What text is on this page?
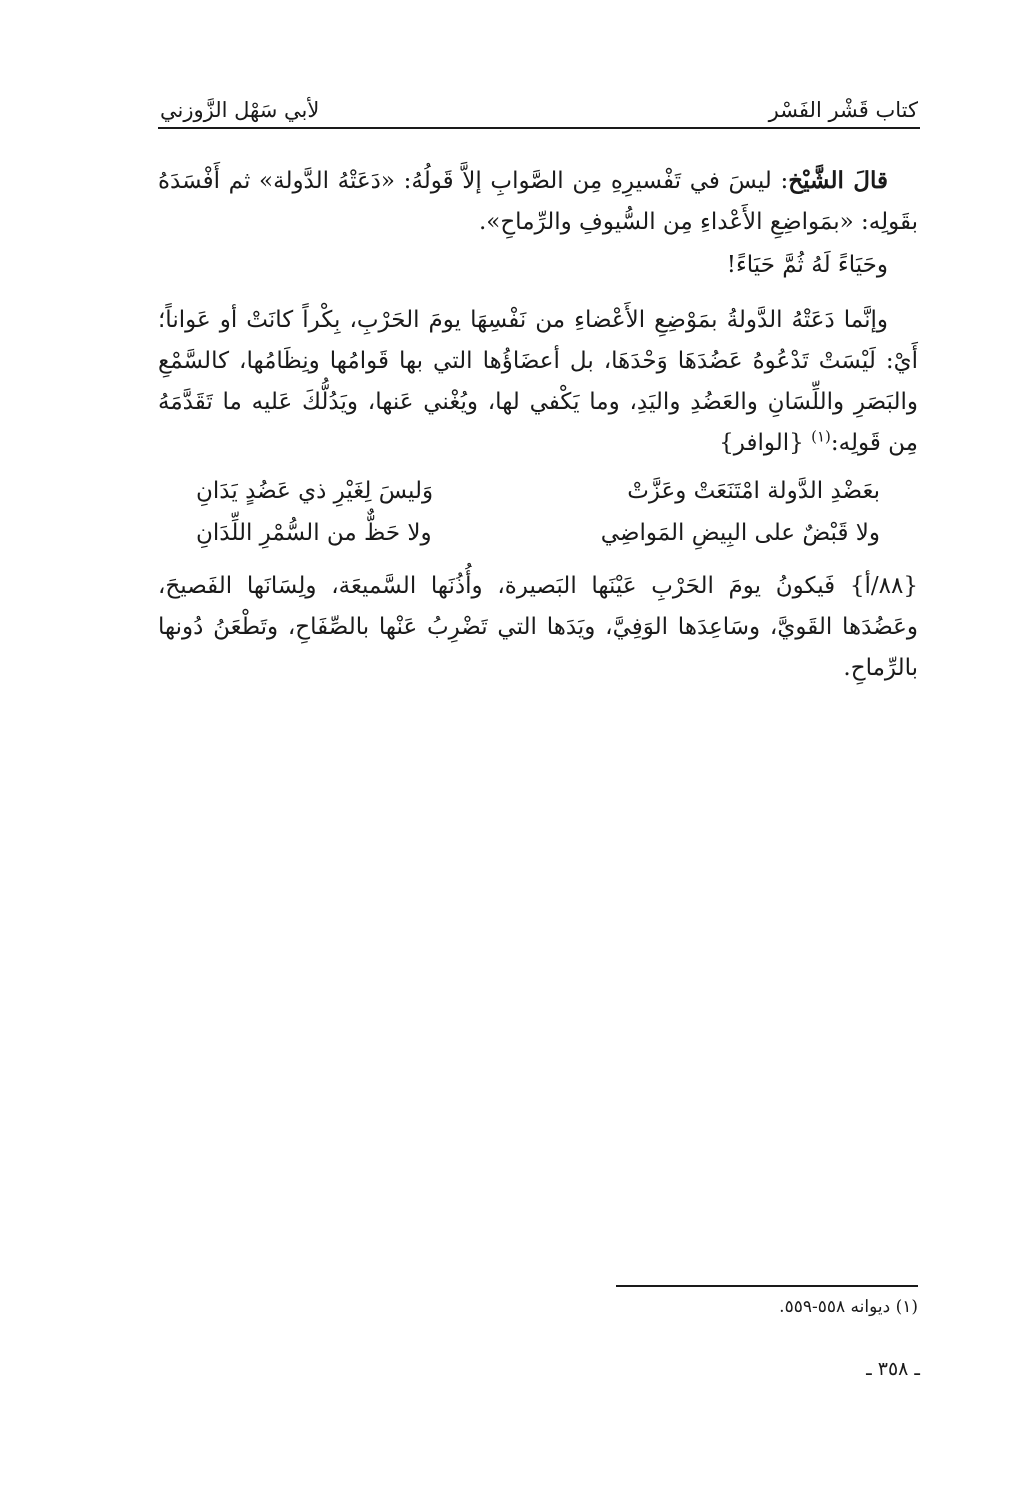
كتاب قَشْر الفَسْر
لأبي سَهْل الزَّوزني

قالَ الشَّيْخ: ليسَ في تَفْسيرِهِ مِن الصَّوابِ إلاَّ قَولُهُ: «دَعَتْهُ الدَّولة» ثم أَفْسَدَهُ بقَولِه: «بمَواضِعِ الأَعْداءِ مِن السُّيوفِ والرِّماحِ».

وحَيَاءً لَهُ ثُمَّ حَيَاءً!

وإنَّما دَعَتْهُ الدَّولةُ بمَوْضِعِ الأَعْضاءِ من نَفْسِهَا يومَ الحَرْبِ، بِكْراً كانَتْ أو عَواناً؛ أَيْ: لَيْسَتْ تَدْعُوهُ عَضُدَهَا وَحْدَهَا، بل أعضَاؤُها التي بها قَوامُها ونِظَامُها، كالسَّمْعِ والبَصَرِ واللِّسَانِ والعَضُدِ واليَدِ، وما يَكْفي لها، ويُغْني عَنها، ويَدُلُّكَ عَليه ما تَقَدَّمَهُ مِن قَولِه:$^{(١)}$ {الوافر}

بعَضْدِ الدَّولة امْتَنَعَتْ وعَزَّتْ
وَليسَ لِغَيْرِ ذي عَضُدٍ يَدَانِ
ولا قَبْضٌ على البِيضِ المَواضِي
ولا حَظٌّ من السُّمْرِ اللِّدَانِ

{٨٨/أ} فَيكونُ يومَ الحَرْبِ عَيْنَها البَصيرة، وأُذُنَها السَّميعَة، ولِسَانَها الفَصيحَ، وعَضُدَها القَويَّ، وسَاعِدَها الوَفِيَّ، ويَدَها التي تَضْرِبُ عَنْها بالصِّفَاحِ، وتَطْعَنُ دُونها بالرِّماحِ.

(١) ديوانه ٥٥٨-٥٥٩.
ـ ٣٥٨ ـ
